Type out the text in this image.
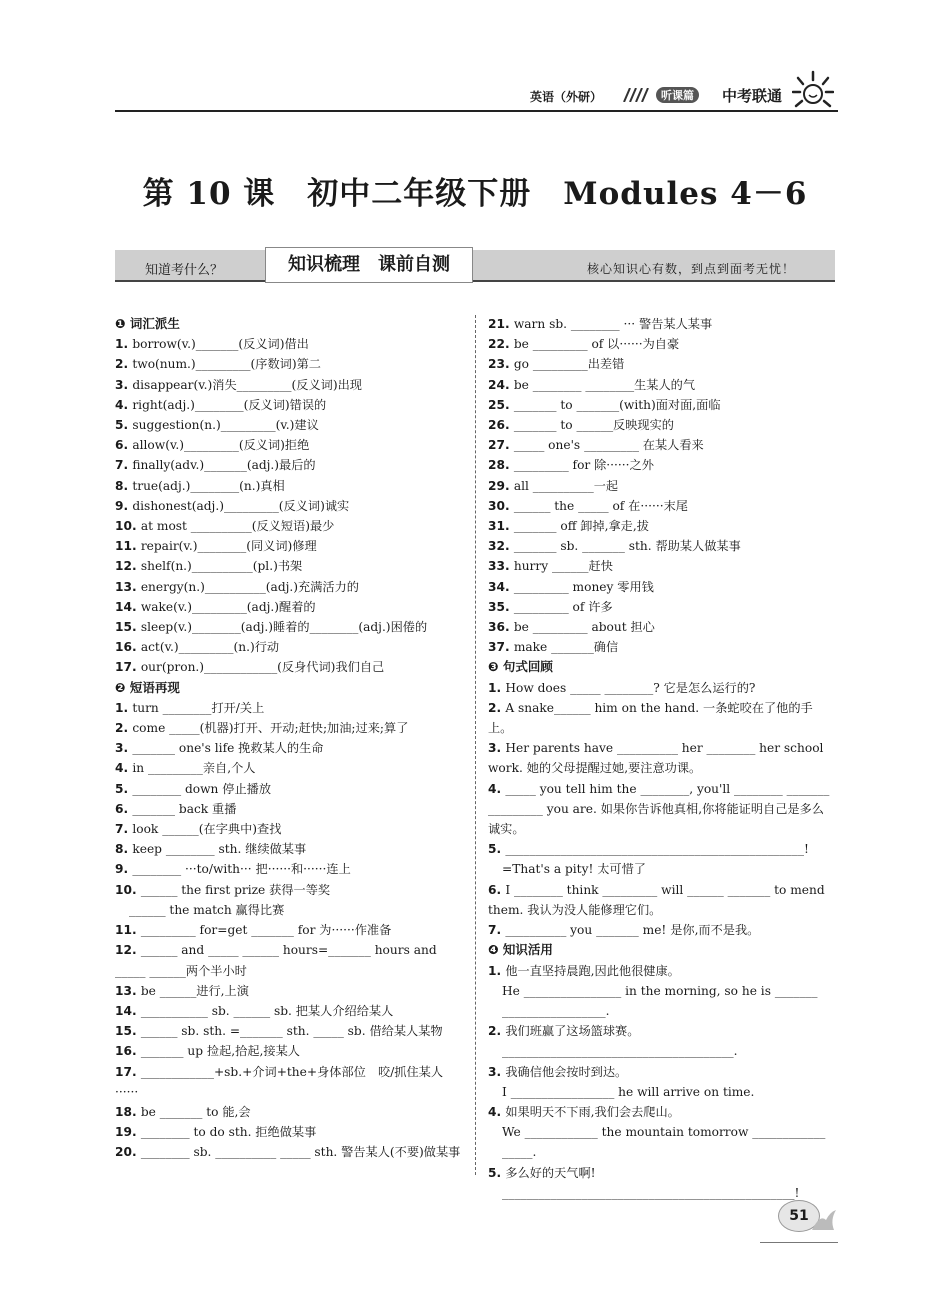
英语（外研）	听课篇	中考联通
第 10 课　初中二年级下册　Modules 4－6
知道考什么？	知识梳理　课前自测	核心知识心有数，到点到面考无忧！
❶ 词汇派生
1. borrow(v.)_______(反义词)借出
2. two(num.)_________(序数词)第二
3. disappear(v.)消失_________(反义词)出现
4. right(adj.)________(反义词)错误的
5. suggestion(n.)_________(v.)建议
6. allow(v.)_________(反义词)拒绝
7. finally(adv.)_______(adj.)最后的
8. true(adj.)________(n.)真相
9. dishonest(adj.)_________(反义词)诚实
10. at most __________(反义短语)最少
11. repair(v.)________(同义词)修理
12. shelf(n.)__________(pl.)书架
13. energy(n.)__________(adj.)充满活力的
14. wake(v.)_________(adj.)醒着的
15. sleep(v.)________(adj.)睡着的________(adj.)困倦的
16. act(v.)_________(n.)行动
17. our(pron.)____________(反身代词)我们自己
❷ 短语再现
1. turn ________打开/关上
2. come _____(机器)打开、开动;赶快;加油;过来;算了
3. _______ one's life 挽救某人的生命
4. in _________亲自,个人
5. ________ down 停止播放
6. _______ back 重播
7. look ______(在字典中)查找
8. keep ________ sth. 继续做某事
9. ________ ···to/with··· 把······和······连上
10. ______ the first prize 获得一等奖
______ the match 赢得比赛
11. _________ for=get _______ for 为······作准备
12. ______ and _____ ______ hours=_______ hours and _____ ______两个半小时
13. be ______进行,上演
14. ___________ sb. ______ sb. 把某人介绍给某人
15. ______ sb. sth. =_______ sth. _____ sb. 借给某人某物
16. _______ up 捡起,拾起,接某人
17. ____________+sb.+介词+the+身体部位　咬/抓住某人······
18. be _______ to 能,会
19. ________ to do sth. 拒绝做某事
20. ________ sb. __________ _____ sth. 警告某人(不要)做某事
21. warn sb. ________ ··· 警告某人某事
22. be _________ of 以······为自豪
23. go _________出差错
24. be ________ ________生某人的气
25. _______ to _______(with)面对面,面临
26. _______ to ______反映现实的
27. _____ one's _________ 在某人看来
28. _________ for 除······之外
29. all __________一起
30. ______ the _____ of 在······末尾
31. _______ off 卸掉,拿走,拔
32. _______ sb. _______ sth. 帮助某人做某事
33. hurry ______赶快
34. _________ money 零用钱
35. _________ of 许多
36. be _________ about 担心
37. make _______确信
❸ 句式回顾
1. How does _____ ________? 它是怎么运行的?
2. A snake______ him on the hand. 一条蛇咬在了他的手上。
3. Her parents have __________ her ________ her school work. 她的父母提醒过她,要注意功课。
4. _____ you tell him the ________, you'll ________ _______ _________ you are. 如果你告诉他真相,你将能证明自己是多么诚实。
5. _________________________________________________!
=That's a pity! 太可惜了
6. I ________ think _________ will ______ _______ to mend them. 我认为没人能修理它们。
7. __________ you _______ me! 是你,而不是我。
❹ 知识活用
1. 他一直坚持晨跑,因此他很健康。
He ________________ in the morning, so he is _______ _________________.
2. 我们班赢了这场篮球赛。
______________________________________.
3. 我确信他会按时到达。
I _________________ he will arrive on time.
4. 如果明天不下雨,我们会去爬山。
We ____________ the mountain tomorrow ____________ _____.
5. 多么好的天气啊!
________________________________________________!
51
